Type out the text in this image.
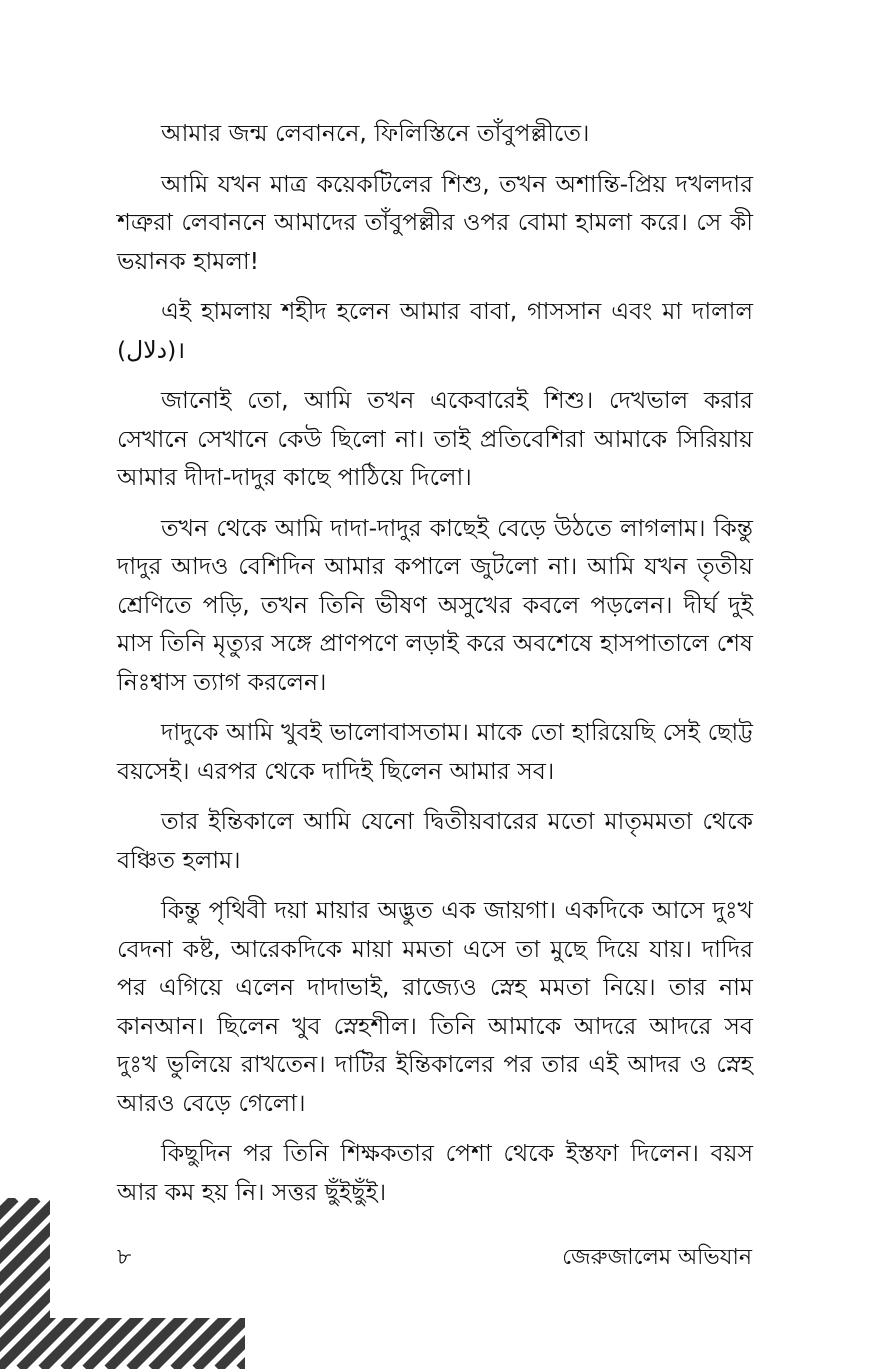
আমার জন্ম লেবাননে, ফিলিস্তিনে তাঁবুপল্লীতে।

আমি যখন মাত্র কয়েকটিলের শিশু, তখন অশান্তি-প্রিয় দখলদার শত্রুরা লেবাননে আমাদের তাঁবুপল্লীর ওপর বোমা হামলা করে। সে কী ভয়ানক হামলা!

এই হামলায় শহীদ হলেন আমার বাবা, গাসসান এবং মা দালাল (دلال)।

জানোই তো, আমি তখন একেবারেই শিশু। দেখভাল করার সেখানে সেখানে কেউ ছিলো না। তাই প্রতিবেশিরা আমাকে সিরিয়ায় আমার দীদা-দাদুর কাছে পাঠিয়ে দিলো।

তখন থেকে আমি দাদা-দাদুর কাছেই বেড়ে উঠতে লাগলাম। কিন্তু দাদুর আদও বেশিদিন আমার কপালে জুটলো না। আমি যখন তৃতীয় শ্রেণিতে পড়ি, তখন তিনি ভীষণ অসুখের কবলে পড়লেন। দীর্ঘ দুই মাস তিনি মৃত্যুর সঙ্গে প্রাণপণে লড়াই করে অবশেষে হাসপাতালে শেষ নিঃশ্বাস ত্যাগ করলেন।

দাদুকে আমি খুবই ভালোবাসতাম। মাকে তো হারিয়েছি সেই ছোট্ট বয়সেই। এরপর থেকে দাদিই ছিলেন আমার সব।

তার ইন্তিকালে আমি যেনো দ্বিতীয়বারের মতো মাতৃমমতা থেকে বঞ্চিত হলাম।

কিন্তু পৃথিবী দয়া মায়ার অদ্ভুত এক জায়গা। একদিকে আসে দুঃখ বেদনা কষ্ট, আরেকদিকে মায়া মমতা এসে তা মুছে দিয়ে যায়। দাদির পর এগিয়ে এলেন দাদাভাই, রাজ্যেও স্নেহ মমতা নিয়ে। তার নাম কানআন। ছিলেন খুব স্নেহশীল। তিনি আমাকে আদরে আদরে সব দুঃখ ভুলিয়ে রাখতেন। দাটির ইন্তিকালের পর তার এই আদর ও স্নেহ আরও বেড়ে গেলো।

কিছুদিন পর তিনি শিক্ষকতার পেশা থেকে ইস্তফা দিলেন। বয়স আর কম হয় নি। সত্তর ছুঁইছুঁই।

৮	জেরুজালেম অভিযান
